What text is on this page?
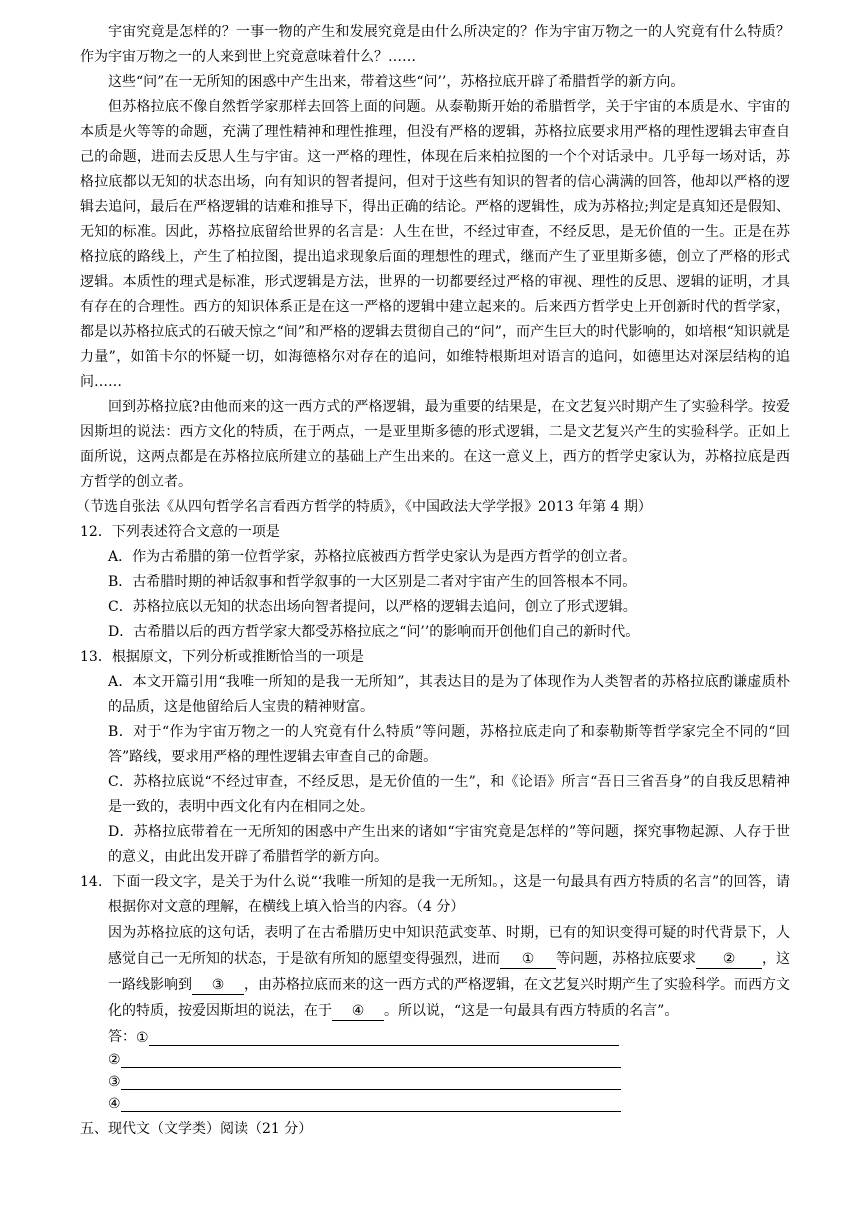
宇宙究竟是怎样的？一事一物的产生和发展究竟是由什么所决定的？作为宇宙万物之一的人究竟有什么特质？作为宇宙万物之一的人来到世上究竟意味着什么？……

这些“问”在一无所知的困惑中产生出来，带着这些“问’’，苏格拉底开辟了希腊哲学的新方向。

但苏格拉底不像自然哲学家那样去回答上面的问题。从泰勒斯开始的希腊哲学，关于宇宙的本质是水、宇宙的本质是火等等的命题，充满了理性精神和理性推理，但没有严格的逻辑，苏格拉底要求用严格的理性逻辑去审查自己的命题，进而去反思人生与宇宙。这一严格的理性，体现在后来柏拉图的一个个对话录中。几乎每一场对话，苏格拉底都以无知的状态出场，向有知识的智者提问，但对于这些有知识的智者的信心满满的回答，他却以严格的逻辑去追问，最后在严格逻辑的诘难和推导下，得出正确的结论。严格的逻辑性，成为苏格拉;判定是真知还是假知、无知的标准。因此，苏格拉底留给世界的名言是：人生在世，不经过审查，不经反思，是无价值的一生。正是在苏格拉底的路线上，产生了柏拉图，提出追求现象后面的理想性的理式，继而产生了亚里斯多德，创立了严格的形式逻辑。本质性的理式是标准，形式逻辑是方法，世界的一切都要经过严格的审视、理性的反思、逻辑的证明，才具有存在的合理性。西方的知识体系正是在这一严格的逻辑中建立起来的。后来西方哲学史上开创新时代的哲学家，都是以苏格拉底式的石破天惊之“间”和严格的逻辑去贯彻自己的“问”，而产生巨大的时代影响的，如培根“知识就是力量”，如笛卡尔的怀疑一切，如海德格尔对存在的追问，如维特根斯坦对语言的追问，如德里达对深层结构的追问……

回到苏格拉底?由他而来的这一西方式的严格逻辑，最为重要的结果是，在文艺复兴时期产生了实验科学。按爱因斯坦的说法：西方文化的特质，在于两点，一是亚里斯多德的形式逻辑，二是文艺复兴产生的实验科学。正如上面所说，这两点都是在苏格拉底所建立的基础上产生出来的。在这一意义上，西方的哲学史家认为，苏格拉底是西方哲学的创立者。

（节选自张法《从四句哲学名言看西方哲学的特质》，《中国政法大学学报》2013 年第 4 期）

12．下列表述符合文意的一项是

A．作为古希腊的第一位哲学家，苏格拉底被西方哲学史家认为是西方哲学的创立者。

B．古希腊时期的神话叙事和哲学叙事的一大区别是二者对宇宙产生的回答根本不同。

C．苏格拉底以无知的状态出场向智者提问，以严格的逻辑去追问，创立了形式逻辑。

D．古希腊以后的西方哲学家大都受苏格拉底之“问’’的影响而开创他们自己的新时代。

13．根据原文，下列分析或推断恰当的一项是

A．本文开篇引用“我唯一所知的是我一无所知”，其表达目的是为了体现作为人类智者的苏格拉底酌谦虚质朴的品质，这是他留给后人宝贵的精神财富。

B．对于“作为宇宙万物之一的人究竟有什么特质”等问题，苏格拉底走向了和泰勒斯等哲学家完全不同的“回答”路线，要求用严格的理性逻辑去审查自己的命题。

C．苏格拉底说“不经过审查，不经反思，是无价值的一生”，和《论语》所言“吾日三省吾身”的自我反思精神是一致的，表明中西文化有内在相同之处。

D．苏格拉底带着在一无所知的困惑中产生出来的诸如“宇宙究竟是怎样的”等问题，探究事物起源、人存于世的意义，由此出发开辟了希腊哲学的新方向。

14．下面一段文字，是关于为什么说“‘我唯一所知的是我一无所知。，这是一句最具有西方特质的名言”的回答，请根据你对文意的理解，在横线上填入恰当的内容。（4 分）

因为苏格拉底的这句话，表明了在古希腊历史中知识范武变革、时期，已有的知识变得可疑的时代背景下，人感觉自己一无所知的状态，于是欲有所知的愿望变得强烈，进而 ① 等问题，苏格拉底要求 ② ，这一路线影响到 ③ ，由苏格拉底而来的这一西方式的严格逻辑，在文艺复兴时期产生了实验科学。而西方文化的特质，按爱因斯坦的说法，在于 ④ 。所以说，“这是一句最具有西方特质的名言”。

答： ①
②
③
④

五、现代文（文学类）阅读（21 分）
